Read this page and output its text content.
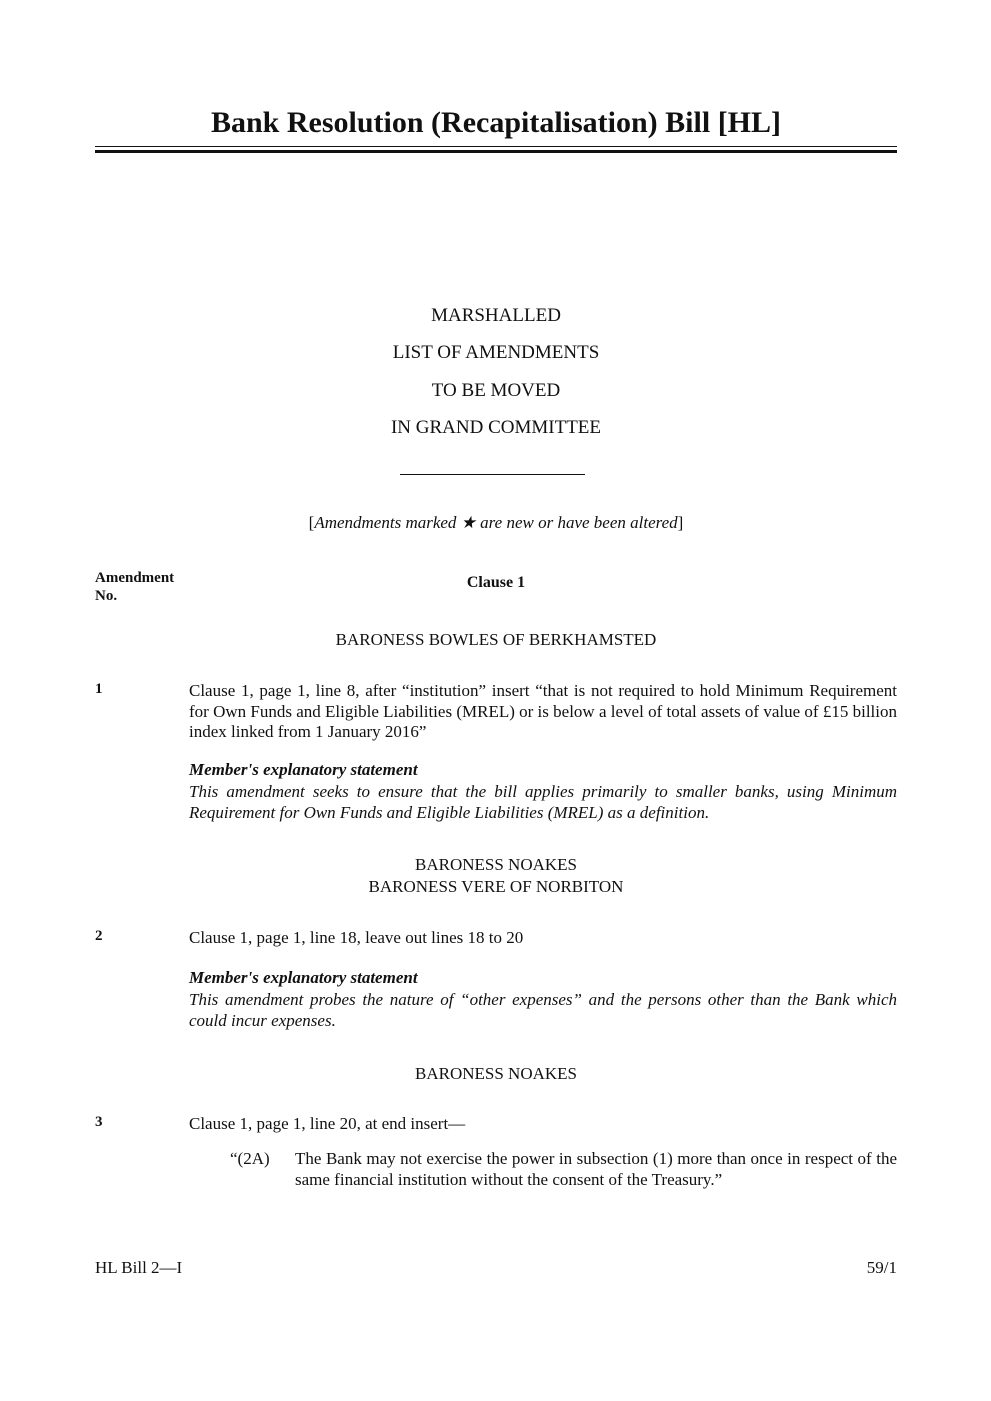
Bank Resolution (Recapitalisation) Bill [HL]
MARSHALLED
LIST OF AMENDMENTS
TO BE MOVED
IN GRAND COMMITTEE
[Amendments marked ★ are new or have been altered]
Amendment
No.
Clause 1
BARONESS BOWLES OF BERKHAMSTED
1	Clause 1, page 1, line 8, after “institution” insert “that is not required to hold Minimum Requirement for Own Funds and Eligible Liabilities (MREL) or is below a level of total assets of value of £15 billion index linked from 1 January 2016”
Member's explanatory statement
This amendment seeks to ensure that the bill applies primarily to smaller banks, using Minimum Requirement for Own Funds and Eligible Liabilities (MREL) as a definition.
BARONESS NOAKES
BARONESS VERE OF NORBITON
2	Clause 1, page 1, line 18, leave out lines 18 to 20
Member's explanatory statement
This amendment probes the nature of “other expenses” and the persons other than the Bank which could incur expenses.
BARONESS NOAKES
3	Clause 1, page 1, line 20, at end insert—
“(2A) The Bank may not exercise the power in subsection (1) more than once in respect of the same financial institution without the consent of the Treasury.”
HL Bill 2—I	59/1
